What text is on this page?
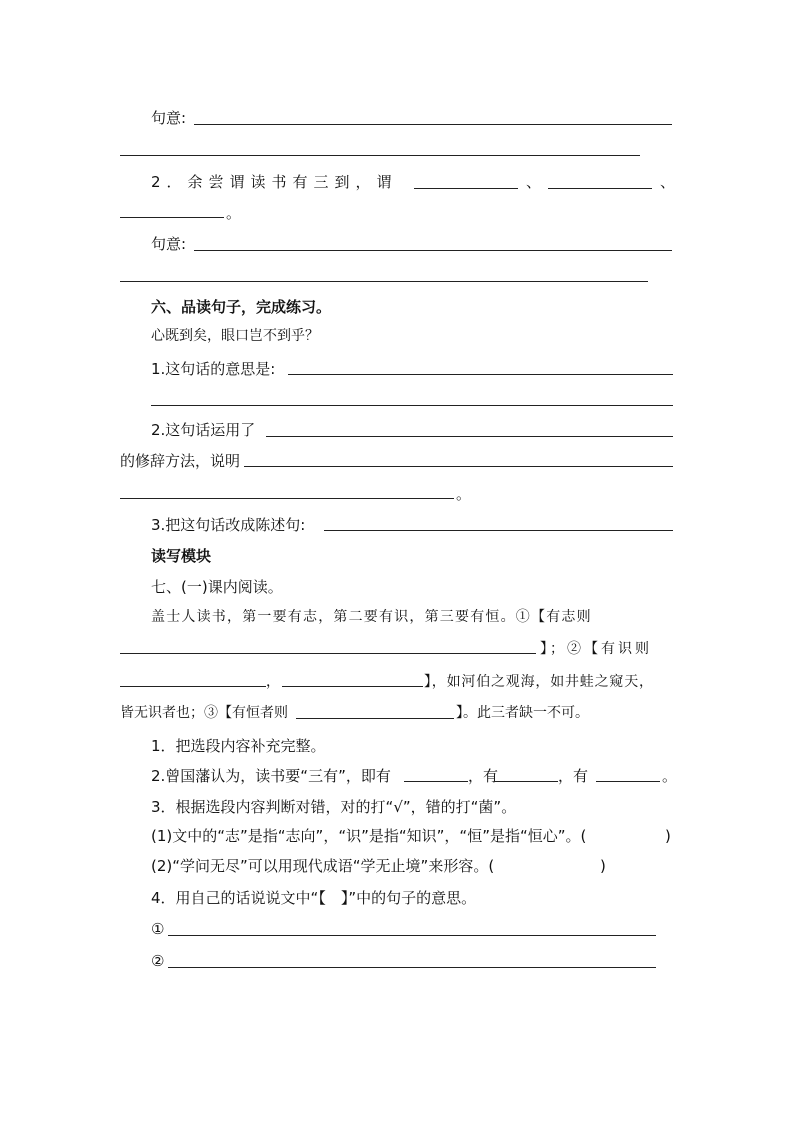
句意:
2．余尝谓读书有三到，谓	、	、
。
句意:
六、品读句子，完成练习。
心既到矣，眼口岂不到乎？
1.这句话的意思是:
2.这句话运用了
的修辞方法，说明
。
3.把这句话改成陈述句:
读写模块
七、(一)课内阅读。
盖士人读书，第一要有志，第二要有识，第三要有恒。①【有志则
】；②【有识则
，	】，如河伯之观海，如井蛙之窥天，
皆无识者也；③【有恒者则	】。此三者缺一不可。
1．把选段内容补充完整。
2.曾国藩认为，读书要“三有”，即有	，有	，有	。
3．根据选段内容判断对错，对的打“√”，错的打“菌”。
(1)文中的“志”是指“志向”，“识”是指“知识”，“恒”是指“恒心”。(	)
(2)“学问无尽”可以用现代成语“学无止境”来形容。(	)
4．用自己的话说说文中“【　】”中的句子的意思。
①
②
